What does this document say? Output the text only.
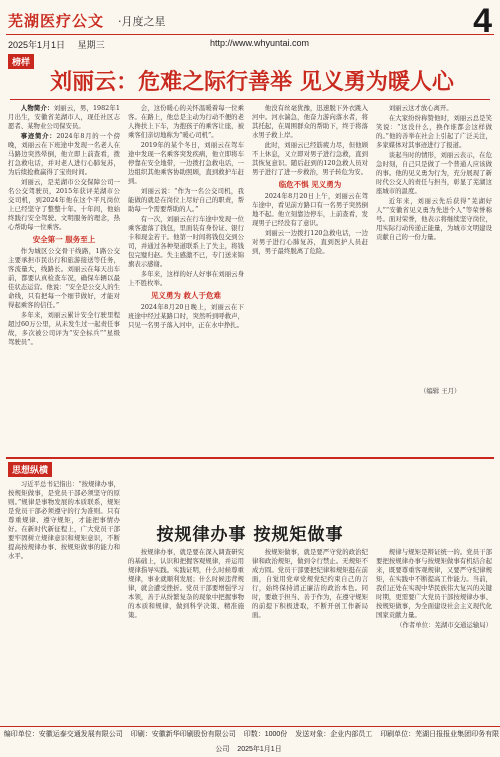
芜湖医疗公文 ·月度之星	4
2025年1月1日 星期三	http://www.whyuntai.com
榜样
刘丽云：危难之际行善举 见义勇为暖人心

人物简介：刘丽云，男，1982年1月出生，安徽省芜湖市人，现任社区志愿者、某物业公司保安员。

事迹简介：2024年8月的一个傍晚，刘丽云在下班途中发现一名老人在马路边突然晕倒，他立即上前查看，拨打急救电话，并对老人进行心肺复苏，为后续抢救赢得了宝贵时间。

刘丽云，是芜湖市公交保障公司一名公交驾驶员，2015年获评芜湖市公交司机，到2024年他在这个平凡岗位上已经坚守了整整十年。十年间，他始终践行安全驾驶、文明服务的理念，热心帮助每一位乘客。

安全第一 服务至上

作为城区公交骨干线路，1路公交主要承担市民出行和旅游接送等任务，客流量大，线路长。刘丽云在每天出车前，都要认真检查车况，确保车辆以最佳状态运营。他说：“安全是公交人的生命线，只有把每一个细节做好，才能对得起乘客的信任。”

多年来，刘丽云累计安全行驶里程超过60万公里，从未发生过一起责任事故，多次被公司评为“安全标兵”“星级驾驶员”。

会，这份暖心的关怀温暖着每一位乘客。在路上，他总是主动为行动不便的老人搀扶上下车，为抱孩子的乘客让座，被乘客们亲切地称为“暖心司机”。

2019年的某个冬日，刘丽云在驾车途中发现一名乘客突发疾病，他立即将车停靠在安全地带，一边拨打急救电话，一边组织其他乘客协助照顾，直到救护车赶到。

刘丽云说：“作为一名公交司机，我能做的就是在岗位上尽好自己的职责，帮助每一个需要帮助的人。”

有一次，刘丽云在行车途中发现一位乘客遗落了钱包，里面装有身份证、银行卡和现金若干。他第一时间将钱包交到公司，并通过各种渠道联系上了失主，将钱包完璧归赵。失主感激不已，专门送来锦旗表示感谢。

多年来，这样的好人好事在刘丽云身上不胜枚举。

见义勇为 救人于危难

2024年8月20日晚上，刘丽云在下班途中经过某路口时，突然听到呼救声，只见一名男子落入河中，正在水中挣扎。

他没有丝毫犹豫，迅速脱下外衣跳入河中。河水湍急，他奋力游向落水者，将其托起，在周围群众的帮助下，终于将落水男子救上岸。

此时，刘丽云已经筋疲力尽，但他顾不上休息，又立即对男子进行急救，直到其恢复意识。随后赶到的120急救人员对男子进行了进一步救治，男子转危为安。

临危不惧 见义勇为

2024年8月20日上午，刘丽云在驾车途中，看见前方路口有一名男子突然倒地不起。他立刻靠边停车，上前查看，发现男子已经没有了意识。

刘丽云一边拨打120急救电话，一边对男子进行心肺复苏，直到医护人员赶到，男子最终脱离了危险。

刘丽云这才放心离开。

在大家纷纷称赞他时，刘丽云总是笑笑说：“这没什么，换作谁都会这样做的。”他的善举在社会上引起了广泛关注，多家媒体对其事迹进行了报道。

谈起当时的情形，刘丽云表示，在危急时刻，自己只是做了一个普通人应该做的事。他的见义勇为行为，充分展现了新时代公交人的责任与担当，彰显了芜湖这座城市的温度。

近年来，刘丽云先后获得“芜湖好人”“安徽省见义勇为先进个人”等荣誉称号。面对荣誉，他表示将继续坚守岗位，用实际行动传递正能量，为城市文明建设贡献自己的一份力量。

（编辑 王月）
思想纵横
按规律办事 按规矩做事

习近平总书记指出：“按规律办事，按规矩做事，是党员干部必须坚守的原则。”规律是事物发展的本质联系，规矩是党员干部必须遵守的行为准则。只有尊重规律、遵守规矩，才能把事情办好。在新时代新征程上，广大党员干部要牢固树立规律意识和规矩意识，不断提高按规律办事、按规矩做事的能力和水平。	按规律办事，就是要在深入调查研究的基础上，认识和把握客观规律，并运用规律指导实践。实践证明，什么时候尊重规律，事业就顺利发展；什么时候违背规律，就会遭受挫折。党员干部要增强学习本领，善于从纷繁复杂的现象中把握事物的本质和规律，做到科学决策、精准施策。

按规矩做事，就是要严守党的政治纪律和政治规矩，做到令行禁止。无规矩不成方圆。党员干部要把纪律和规矩挺在前面，自觉用党章党规党纪约束自己的言行，始终保持清正廉洁的政治本色。同时，要敢于担当、善于作为，在遵守规矩的前提下积极进取，不断开创工作新局面。

规律与规矩是辩证统一的。党员干部要把按规律办事与按规矩做事有机结合起来，既要尊重客观规律，又要严守纪律规矩，在实践中不断提高工作能力。当前，我们正处在实现中华民族伟大复兴的关键时期，更需要广大党员干部按规律办事、按规矩做事，为全面建设社会主义现代化国家贡献力量。

（作者单位：芜湖市交通运输局）

编印单位：安徽运泰交通发展有限公司 印刷：安徽新华印刷股份有限公司 印数：1000份 发送对象：企业内部员工 印刷单位：芜湖日报报业集团印务有限公司 2025年1月1日
